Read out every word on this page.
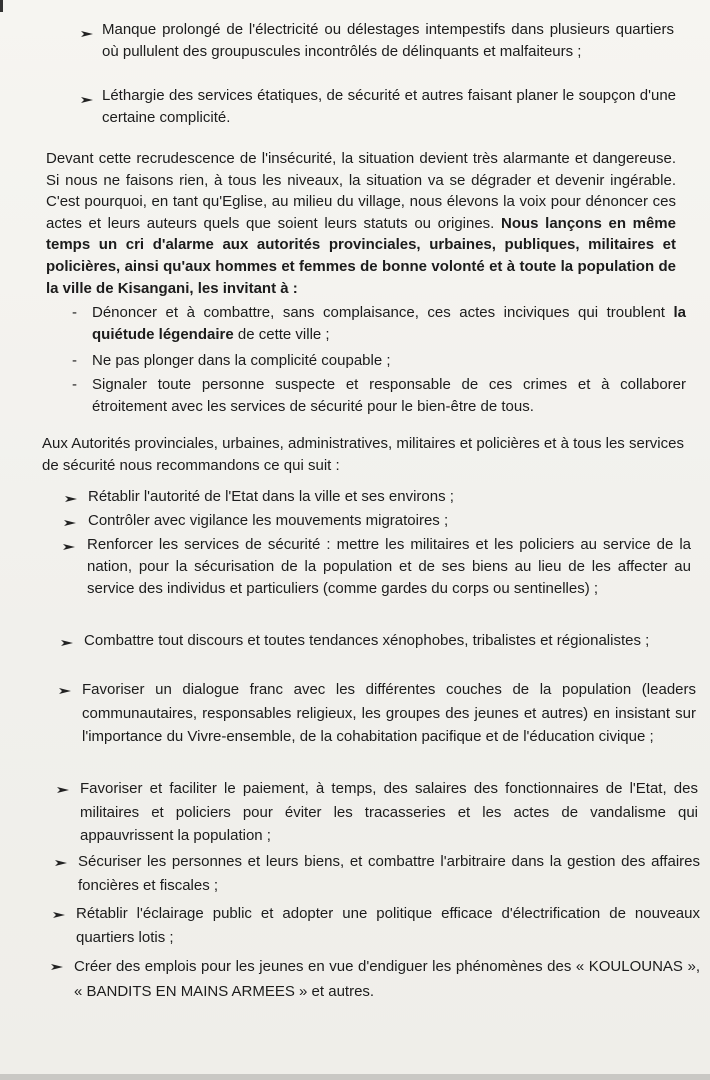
Manque prolongé de l'électricité ou délestages intempestifs dans plusieurs quartiers où pullulent des groupuscules incontrôlés de délinquants et malfaiteurs ;
Léthargie des services étatiques, de sécurité et autres faisant planer le soupçon d'une certaine complicité.
Devant cette recrudescence de l'insécurité, la situation devient très alarmante et dangereuse. Si nous ne faisons rien, à tous les niveaux, la situation va se dégrader et devenir ingérable. C'est pourquoi, en tant qu'Eglise, au milieu du village, nous élevons la voix pour dénoncer ces actes et leurs auteurs quels que soient leurs statuts ou origines. Nous lançons en même temps un cri d'alarme aux autorités provinciales, urbaines, publiques, militaires et policières, ainsi qu'aux hommes et femmes de bonne volonté et à toute la population de la ville de Kisangani, les invitant à :
- Dénoncer et à combattre, sans complaisance, ces actes inciviques qui troublent la quiétude légendaire de cette ville ;
- Ne pas plonger dans la complicité coupable ;
- Signaler toute personne suspecte et responsable de ces crimes et à collaborer étroitement avec les services de sécurité pour le bien-être de tous.
Aux Autorités provinciales, urbaines, administratives, militaires et policières et à tous les services de sécurité nous recommandons ce qui suit :
Rétablir l'autorité de l'Etat dans la ville et ses environs ;
Contrôler avec vigilance les mouvements migratoires ;
Renforcer les services de sécurité : mettre les militaires et les policiers au service de la nation, pour la sécurisation de la population et de ses biens au lieu de les affecter au service des individus et particuliers (comme gardes du corps ou sentinelles) ;
Combattre tout discours et toutes tendances xénophobes, tribalistes et régionalistes ;
Favoriser un dialogue franc avec les différentes couches de la population (leaders communautaires, responsables religieux, les groupes des jeunes et autres) en insistant sur l'importance du Vivre-ensemble, de la cohabitation pacifique et de l'éducation civique ;
Favoriser et faciliter le paiement, à temps, des salaires des fonctionnaires de l'Etat, des militaires et policiers pour éviter les tracasseries et les actes de vandalisme qui appauvrissent la population ;
Sécuriser les personnes et leurs biens, et combattre l'arbitraire dans la gestion des affaires foncières et fiscales ;
Rétablir l'éclairage public et adopter une politique efficace d'électrification de nouveaux quartiers lotis ;
Créer des emplois pour les jeunes en vue d'endiguer les phénomènes des « KOULOUNAS », « BANDITS EN MAINS ARMEES » et autres.
